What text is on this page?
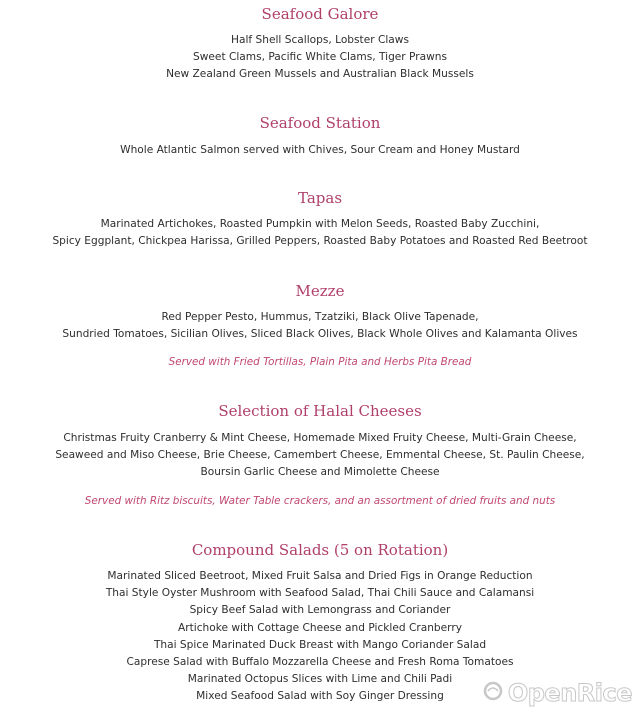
Seafood Galore
Half Shell Scallops, Lobster Claws
Sweet Clams, Pacific White Clams, Tiger Prawns
New Zealand Green Mussels and Australian Black Mussels
Seafood Station
Whole Atlantic Salmon served with Chives, Sour Cream and Honey Mustard
Tapas
Marinated Artichokes, Roasted Pumpkin with Melon Seeds, Roasted Baby Zucchini,
Spicy Eggplant, Chickpea Harissa, Grilled Peppers, Roasted Baby Potatoes and Roasted Red Beetroot
Mezze
Red Pepper Pesto, Hummus, Tzatziki, Black Olive Tapenade,
Sundried Tomatoes, Sicilian Olives, Sliced Black Olives, Black Whole Olives and Kalamanta Olives
Served with Fried Tortillas, Plain Pita and Herbs Pita Bread
Selection of Halal Cheeses
Christmas Fruity Cranberry & Mint Cheese, Homemade Mixed Fruity Cheese, Multi-Grain Cheese,
Seaweed and Miso Cheese, Brie Cheese, Camembert Cheese, Emmental Cheese, St. Paulin Cheese,
Boursin Garlic Cheese and Mimolette Cheese
Served with Ritz biscuits, Water Table crackers, and an assortment of dried fruits and nuts
Compound Salads (5 on Rotation)
Marinated Sliced Beetroot, Mixed Fruit Salsa and Dried Figs in Orange Reduction
Thai Style Oyster Mushroom with Seafood Salad, Thai Chili Sauce and Calamansi
Spicy Beef Salad with Lemongrass and Coriander
Artichoke with Cottage Cheese and Pickled Cranberry
Thai Spice Marinated Duck Breast with Mango Coriander Salad
Caprese Salad with Buffalo Mozzarella Cheese and Fresh Roma Tomatoes
Marinated Octopus Slices with Lime and Chili Padi
Mixed Seafood Salad with Soy Ginger Dressing	OpenRice
